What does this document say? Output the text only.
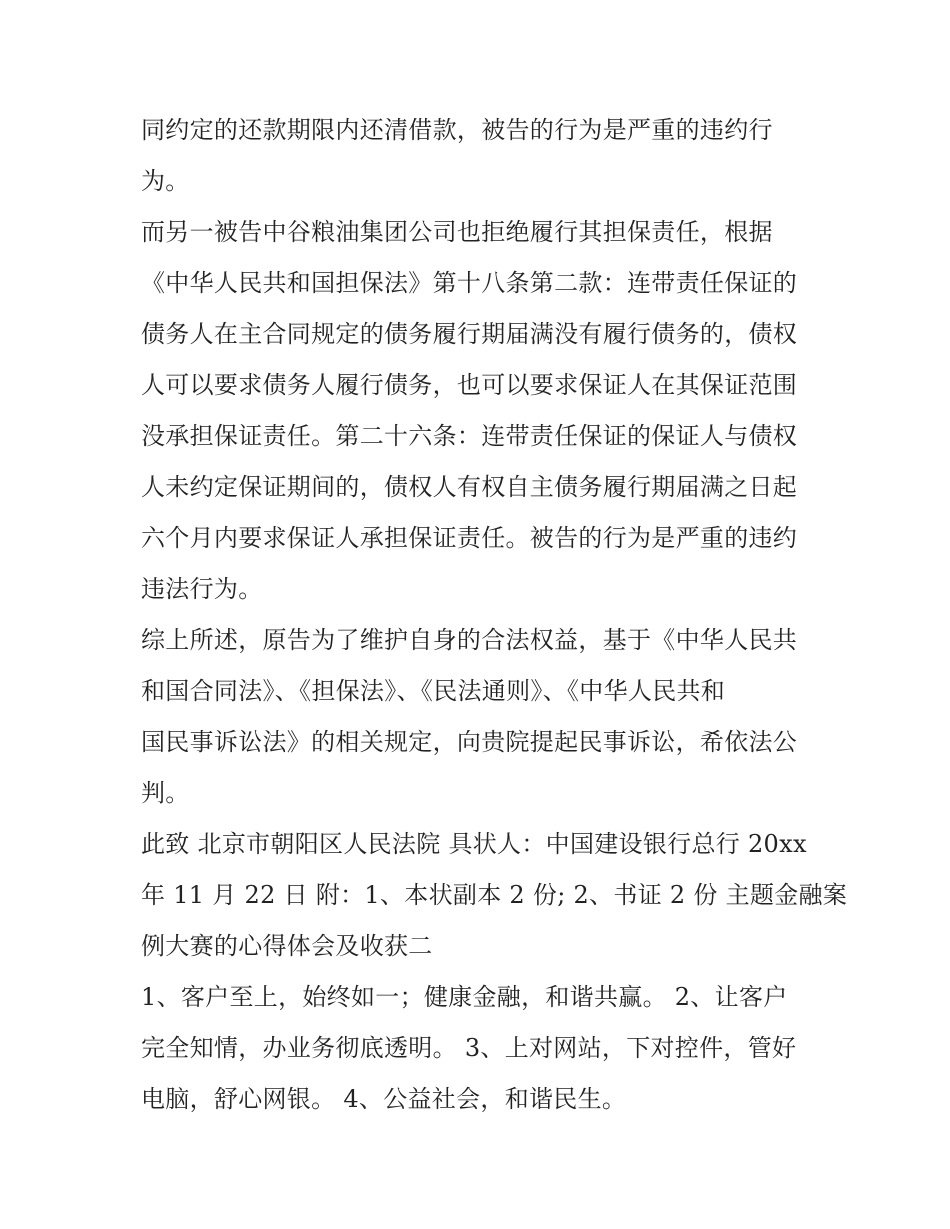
同约定的还款期限内还清借款，被告的行为是严重的违约行
为。
而另一被告中谷粮油集团公司也拒绝履行其担保责任，根据
《中华人民共和国担保法》第十八条第二款：连带责任保证的
债务人在主合同规定的债务履行期届满没有履行债务的，债权
人可以要求债务人履行债务，也可以要求保证人在其保证范围
没承担保证责任。第二十六条：连带责任保证的保证人与债权
人未约定保证期间的，债权人有权自主债务履行期届满之日起
六个月内要求保证人承担保证责任。被告的行为是严重的违约
违法行为。
综上所述，原告为了维护自身的合法权益，基于《中华人民共
和国合同法》、《担保法》、《民法通则》、《中华人民共和
国民事诉讼法》的相关规定，向贵院提起民事诉讼，希依法公
判。
此致 北京市朝阳区人民法院 具状人：中国建设银行总行 20xx
年 11 月 22 日 附：1、本状副本 2 份; 2、书证 2 份 主题金融案
例大赛的心得体会及收获二
1、客户至上，始终如一；健康金融，和谐共赢。 2、让客户
完全知情，办业务彻底透明。 3、上对网站，下对控件，管好
电脑，舒心网银。 4、公益社会，和谐民生。
